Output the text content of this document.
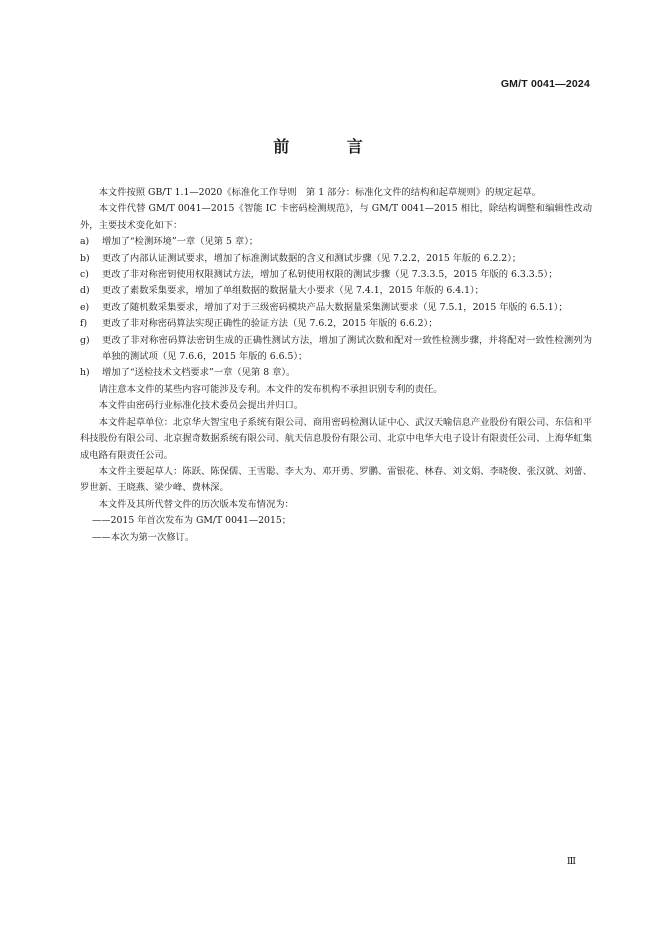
GM/T 0041—2024
前 言

本文件按照 GB/T 1.1—2020《标准化工作导则　第 1 部分：标准化文件的结构和起草规则》的规定起草。

本文件代替 GM/T 0041—2015《智能 IC 卡密码检测规范》，与 GM/T 0041—2015 相比，除结构调整和编辑性改动外，主要技术变化如下：

a) 增加了“检测环境”一章（见第 5 章）；
b) 更改了内部认证测试要求，增加了标准测试数据的含义和测试步骤（见 7.2.2，2015 年版的 6.2.2）；
c) 更改了非对称密钥使用权限测试方法，增加了私钥使用权限的测试步骤（见 7.3.3.5，2015 年版的 6.3.3.5）；
d) 更改了素数采集要求，增加了单组数据的数据量大小要求（见 7.4.1，2015 年版的 6.4.1）；
e) 更改了随机数采集要求，增加了对于三级密码模块产品大数据量采集测试要求（见 7.5.1，2015 年版的 6.5.1）；
f) 更改了非对称密码算法实现正确性的验证方法（见 7.6.2，2015 年版的 6.6.2）；
g) 更改了非对称密码算法密钥生成的正确性测试方法，增加了测试次数和配对一致性检测步骤，并将配对一致性检测列为单独的测试项（见 7.6.6，2015 年版的 6.6.5）；
h) 增加了“送检技术文档要求”一章（见第 8 章）。

请注意本文件的某些内容可能涉及专利。本文件的发布机构不承担识别专利的责任。

本文件由密码行业标准化技术委员会提出并归口。

本文件起草单位：北京华大智宝电子系统有限公司、商用密码检测认证中心、武汉天喻信息产业股份有限公司、东信和平科技股份有限公司、北京握奇数据系统有限公司、航天信息股份有限公司、北京中电华大电子设计有限责任公司、上海华虹集成电路有限责任公司。

本文件主要起草人：陈跃、陈保儒、王雪聪、李大为、邓开勇、罗鹏、雷银花、林春、刘文娟、李晓俊、张汉就、刘蕾、罗世新、王晓燕、梁少峰、费林深。

本文件及其所代替文件的历次版本发布情况为：

——2015 年首次发布为 GM/T 0041—2015；

——本次为第一次修订。

Ⅲ
